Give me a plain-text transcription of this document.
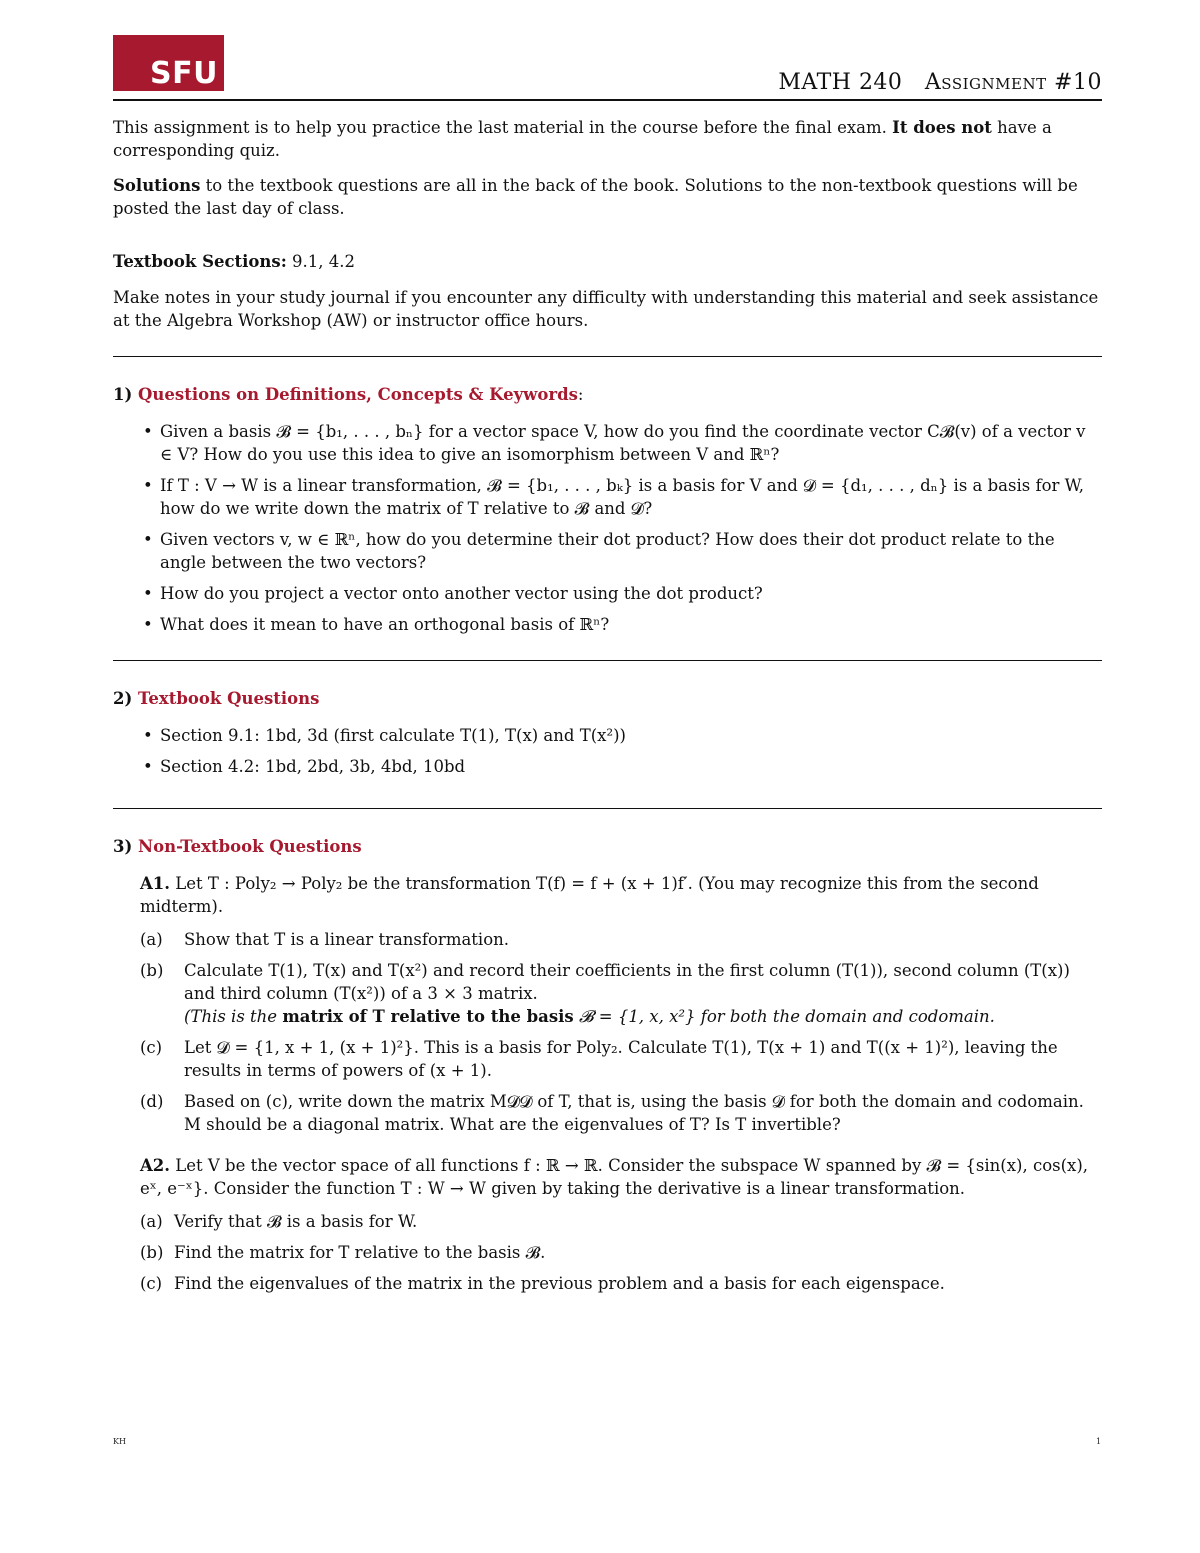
SFU	MATH 240 Assignment #10

This assignment is to help you practice the last material in the course before the final exam. It does not have a corresponding quiz.

Solutions to the textbook questions are all in the back of the book. Solutions to the non-textbook questions will be posted the last day of class.

Textbook Sections: 9.1, 4.2

Make notes in your study journal if you encounter any difficulty with understanding this material and seek assistance at the Algebra Workshop (AW) or instructor office hours.

1) Questions on Definitions, Concepts & Keywords:
• Given a basis 𝓑 = {b₁, . . . , bₙ} for a vector space V, how do you find the coordinate vector C𝓑(v) of a vector v ∈ V? How do you use this idea to give an isomorphism between V and ℝⁿ?
• If T : V → W is a linear transformation, 𝓑 = {b₁, . . . , bₖ} is a basis for V and 𝓓 = {d₁, . . . , dₙ} is a basis for W, how do we write down the matrix of T relative to 𝓑 and 𝓓?
• Given vectors v, w ∈ ℝⁿ, how do you determine their dot product? How does their dot product relate to the angle between the two vectors?
• How do you project a vector onto another vector using the dot product?
• What does it mean to have an orthogonal basis of ℝⁿ?
2) Textbook Questions
• Section 9.1: 1bd, 3d (first calculate T(1), T(x) and T(x²))
• Section 4.2: 1bd, 2bd, 3b, 4bd, 10bd
3) Non-Textbook Questions

A1. Let T : Poly₂ → Poly₂ be the transformation T(f) = f + (x + 1)f′. (You may recognize this from the second midterm).

(a) Show that T is a linear transformation.
(b) Calculate T(1), T(x) and T(x²) and record their coefficients in the first column (T(1)), second column (T(x)) and third column (T(x²)) of a 3 × 3 matrix.
(This is the matrix of T relative to the basis 𝓑 = {1, x, x²} for both the domain and codomain.
(c) Let 𝓓 = {1, x + 1, (x + 1)²}. This is a basis for Poly₂. Calculate T(1), T(x + 1) and T((x + 1)²), leaving the results in terms of powers of (x + 1).
(d) Based on (c), write down the matrix M𝓓𝓓 of T, that is, using the basis 𝓓 for both the domain and codomain. M should be a diagonal matrix. What are the eigenvalues of T? Is T invertible?

A2. Let V be the vector space of all functions f : ℝ → ℝ. Consider the subspace W spanned by 𝓑 = {sin(x), cos(x), eˣ, e⁻ˣ}. Consider the function T : W → W given by taking the derivative is a linear transformation.

(a) Verify that 𝓑 is a basis for W.
(b) Find the matrix for T relative to the basis 𝓑.
(c) Find the eigenvalues of the matrix in the previous problem and a basis for each eigenspace.
KH	1
